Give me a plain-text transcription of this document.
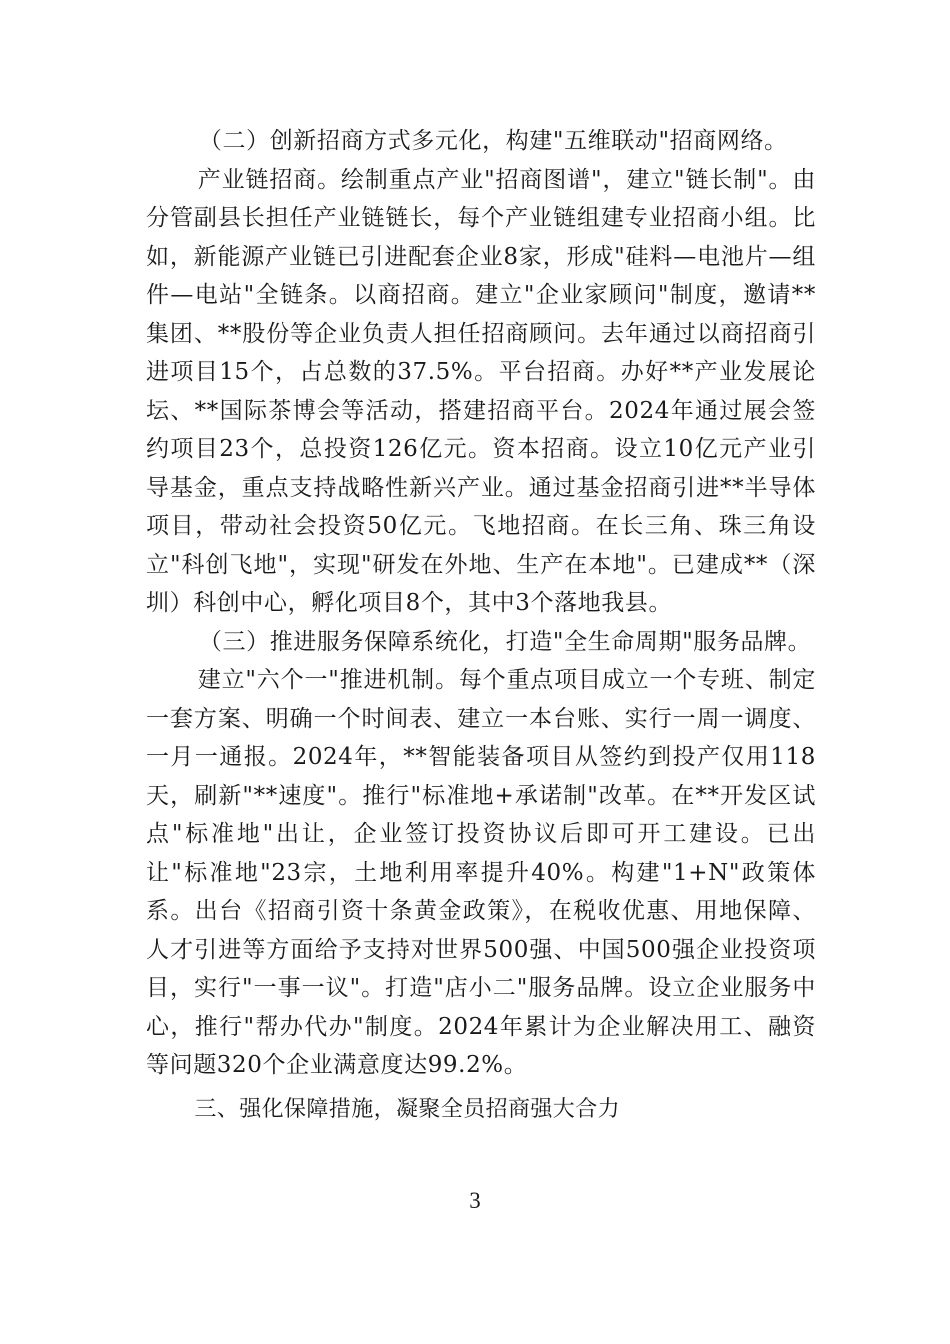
（二）创新招商方式多元化，构建"五维联动"招商网络。

产业链招商。绘制重点产业"招商图谱"，建立"链长制"。由分管副县长担任产业链链长，每个产业链组建专业招商小组。比如，新能源产业链已引进配套企业8家，形成"硅料—电池片—组件—电站"全链条。以商招商。建立"企业家顾问"制度，邀请**集团、**股份等企业负责人担任招商顾问。去年通过以商招商引进项目15个，占总数的37.5%。平台招商。办好**产业发展论坛、**国际茶博会等活动，搭建招商平台。2024年通过展会签约项目23个，总投资126亿元。资本招商。设立10亿元产业引导基金，重点支持战略性新兴产业。通过基金招商引进**半导体项目，带动社会投资50亿元。飞地招商。在长三角、珠三角设立"科创飞地"，实现"研发在外地、生产在本地"。已建成**（深圳）科创中心，孵化项目8个，其中3个落地我县。

（三）推进服务保障系统化，打造"全生命周期"服务品牌。

建立"六个一"推进机制。每个重点项目成立一个专班、制定一套方案、明确一个时间表、建立一本台账、实行一周一调度、一月一通报。2024年，**智能装备项目从签约到投产仅用118天，刷新"**速度"。推行"标准地+承诺制"改革。在**开发区试点"标准地"出让，企业签订投资协议后即可开工建设。已出让"标准地"23宗，土地利用率提升40%。构建"1+N"政策体系。出台《招商引资十条黄金政策》，在税收优惠、用地保障、人才引进等方面给予支持对世界500强、中国500强企业投资项目，实行"一事一议"。打造"店小二"服务品牌。设立企业服务中心，推行"帮办代办"制度。2024年累计为企业解决用工、融资等问题320个企业满意度达99.2%。

三、强化保障措施，凝聚全员招商强大合力

3
